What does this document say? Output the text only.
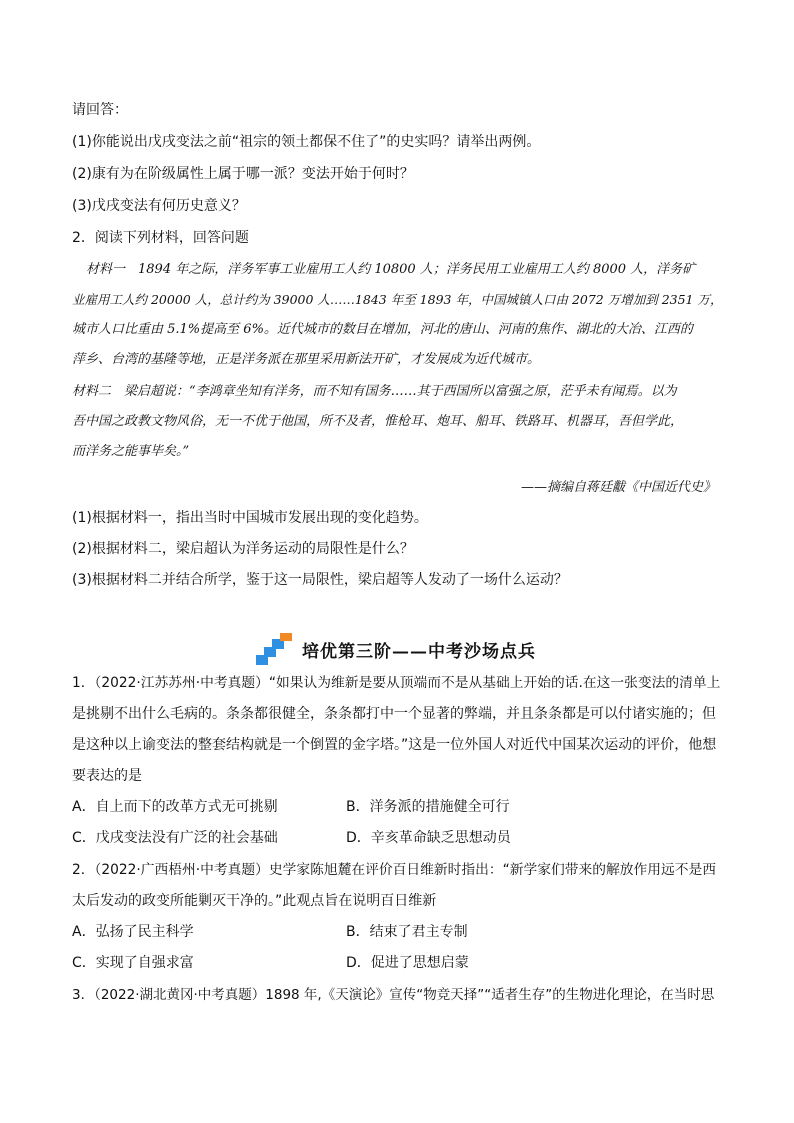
请回答：
(1)你能说出戊戌变法之前“祖宗的领土都保不住了”的史实吗？请举出两例。
(2)康有为在阶级属性上属于哪一派？变法开始于何时？
(3)戊戌变法有何历史意义？
2．阅读下列材料，回答问题
材料一　1894 年之际，洋务军事工业雇用工人约 10800 人；洋务民用工业雇用工人约 8000 人，洋务矿
业雇用工人约 20000 人，总计约为 39000 人……1843 年至 1893 年，中国城镇人口由 2072 万增加到 2351 万，
城市人口比重由 5.1%提高至 6%。近代城市的数目在增加，河北的唐山、河南的焦作、湖北的大冶、江西的
萍乡、台湾的基隆等地，正是洋务派在那里采用新法开矿，才发展成为近代城市。
材料二　梁启超说：“李鸿章坐知有洋务，而不知有国务……其于西国所以富强之原，茫乎未有闻焉。以为
吾中国之政教文物风俗，无一不优于他国，所不及者，惟枪耳、炮耳、船耳、铁路耳、机器耳，吾但学此，
而洋务之能事毕矣。”
——摘编自蒋廷黻《中国近代史》
(1)根据材料一，指出当时中国城市发展出现的变化趋势。
(2)根据材料二，梁启超认为洋务运动的局限性是什么？
(3)根据材料二并结合所学，鉴于这一局限性，梁启超等人发动了一场什么运动？
培优第三阶——中考沙场点兵
1．（2022·江苏苏州·中考真题）“如果认为维新是要从顶端而不是从基础上开始的话.在这一张变法的清单上
是挑剔不出什么毛病的。条条都很健全，条条都打中一个显著的弊端，并且条条都是可以付诸实施的；但
是这种以上谕变法的整套结构就是一个倒置的金字塔。”这是一位外国人对近代中国某次运动的评价，他想
要表达的是
A．自上而下的改革方式无可挑剔	B．洋务派的措施健全可行
C．戊戌变法没有广泛的社会基础	D．辛亥革命缺乏思想动员
2．（2022·广西梧州·中考真题）史学家陈旭麓在评价百日维新时指出：“新学家们带来的解放作用远不是西
太后发动的政变所能剿灭干净的。”此观点旨在说明百日维新
A．弘扬了民主科学	B．结束了君主专制
C．实现了自强求富	D．促进了思想启蒙
3．（2022·湖北黄冈·中考真题）1898 年,《天演论》宣传“物竞天择”“适者生存”的生物进化理论，在当时思
